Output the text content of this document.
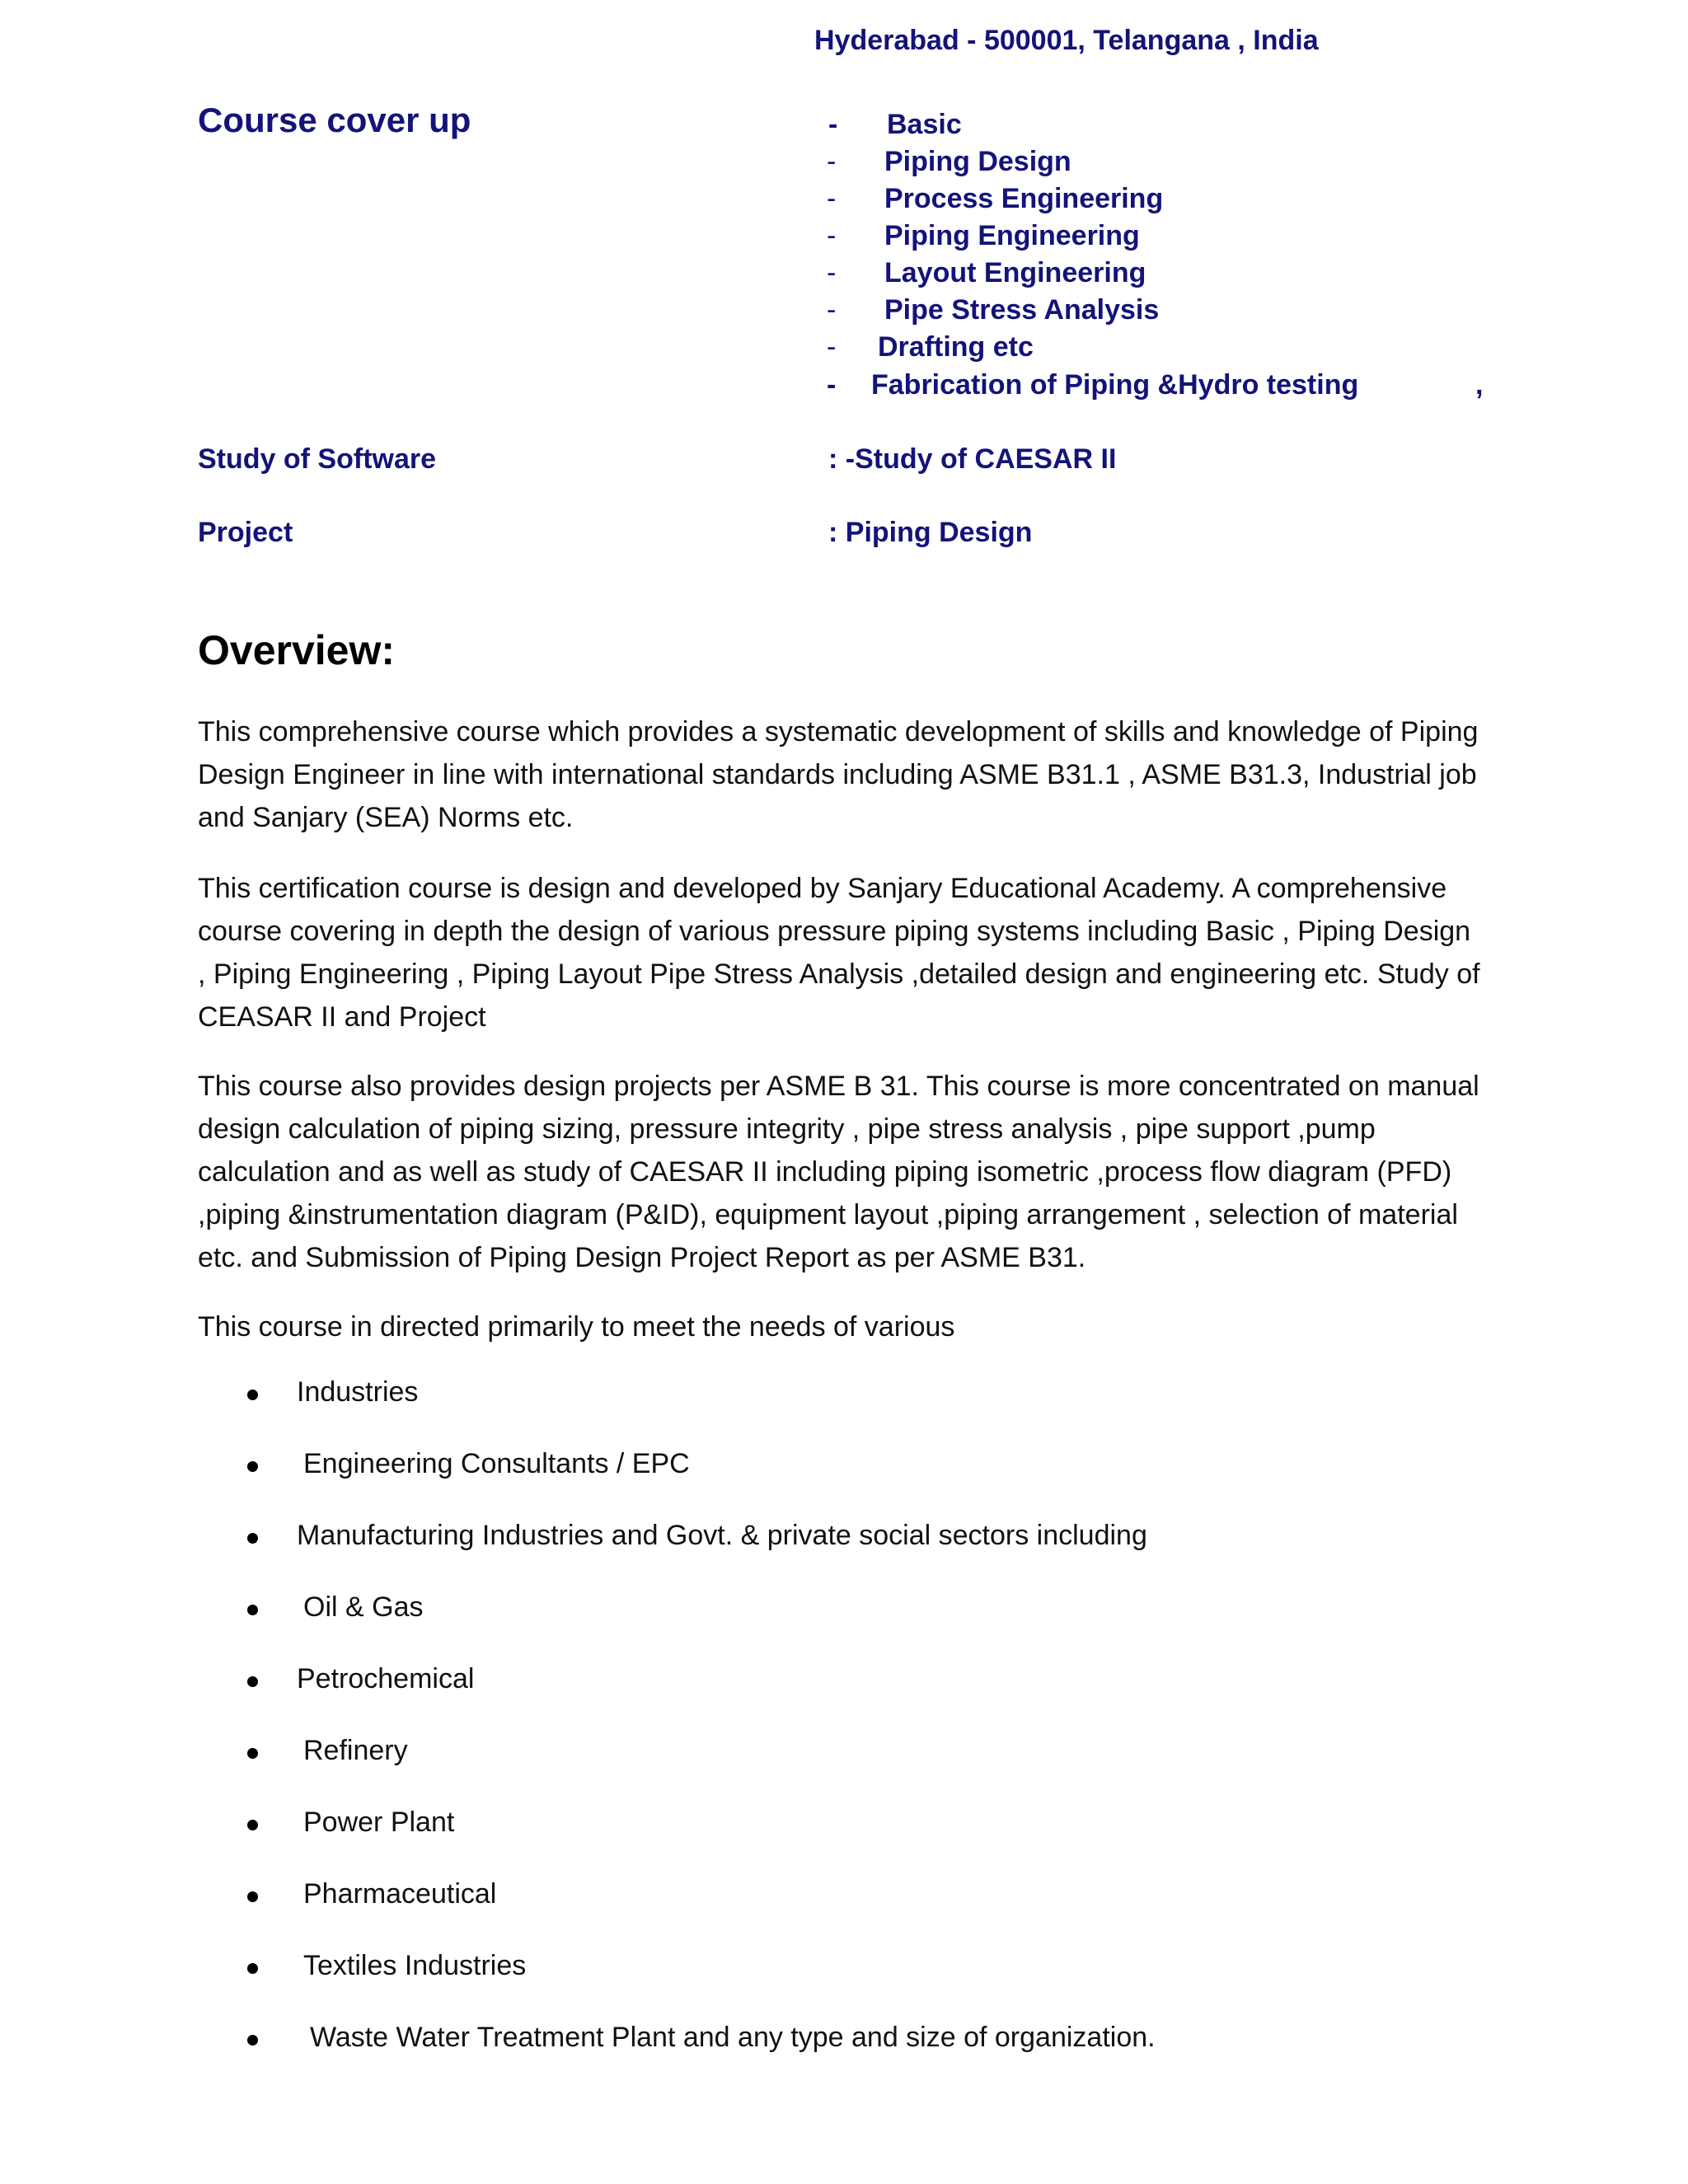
Hyderabad - 500001, Telangana , India
Course cover up	- Basic
- Piping Design
- Process Engineering
- Piping Engineering
- Layout Engineering
- Pipe Stress Analysis
- Drafting etc
- Fabrication of Piping &Hydro testing	,
Study of Software	: -Study of CAESAR II
Project	: Piping Design
Overview:

This comprehensive course which provides a systematic development of skills and knowledge of Piping Design Engineer in line with international standards including ASME B31.1 , ASME B31.3, Industrial job and Sanjary (SEA) Norms etc.

This certification course is design and developed by Sanjary Educational Academy. A comprehensive course covering in depth the design of various pressure piping systems including Basic , Piping Design , Piping Engineering , Piping Layout Pipe Stress Analysis ,detailed design and engineering etc. Study of CEASAR II and Project

This course also provides design projects per ASME B 31. This course is more concentrated on manual design calculation of piping sizing, pressure integrity , pipe stress analysis , pipe support ,pump calculation and as well as study of CAESAR II including piping isometric ,process flow diagram (PFD) ,piping &instrumentation diagram (P&ID), equipment layout ,piping arrangement , selection of material etc. and Submission of Piping Design Project Report as per ASME B31.

This course in directed primarily to meet the needs of various

Industries
Engineering Consultants / EPC
Manufacturing Industries and Govt. & private social sectors including
Oil & Gas
Petrochemical
Refinery
Power Plant
Pharmaceutical
Textiles Industries
Waste Water Treatment Plant and any type and size of organization.
